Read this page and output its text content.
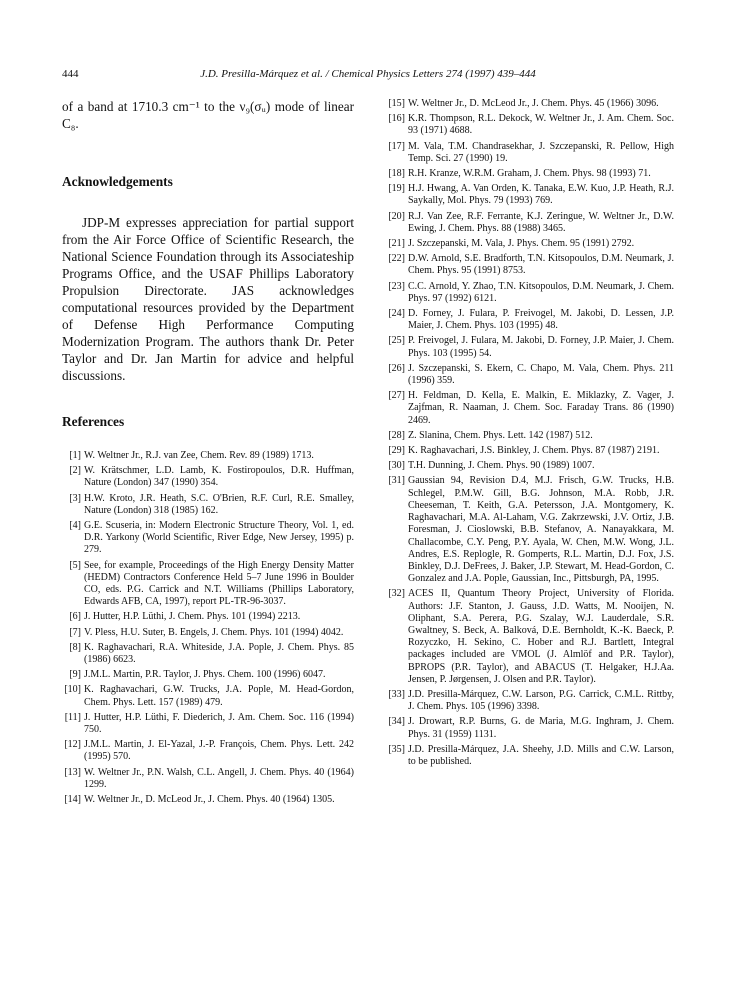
444	J.D. Presilla-Márquez et al. / Chemical Physics Letters 274 (1997) 439–444

of a band at 1710.3 cm⁻¹ to the ν₉(σᵤ) mode of linear C₈.

Acknowledgements

JDP-M expresses appreciation for partial support from the Air Force Office of Scientific Research, the National Science Foundation through its Associateship Programs Office, and the USAF Phillips Laboratory Propulsion Directorate. JAS acknowledges computational resources provided by the Department of Defense High Performance Computing Modernization Program. The authors thank Dr. Peter Taylor and Dr. Jan Martin for advice and helpful discussions.

References
[1] W. Weltner Jr., R.J. van Zee, Chem. Rev. 89 (1989) 1713.
[2] W. Krätschmer, L.D. Lamb, K. Fostiropoulos, D.R. Huffman, Nature (London) 347 (1990) 354.
[3] H.W. Kroto, J.R. Heath, S.C. O'Brien, R.F. Curl, R.E. Smalley, Nature (London) 318 (1985) 162.
[4] G.E. Scuseria, in: Modern Electronic Structure Theory, Vol. 1, ed. D.R. Yarkony (World Scientific, River Edge, New Jersey, 1995) p. 279.
[5] See, for example, Proceedings of the High Energy Density Matter (HEDM) Contractors Conference Held 5–7 June 1996 in Boulder CO, eds. P.G. Carrick and N.T. Williams (Phillips Laboratory, Edwards AFB, CA, 1997), report PL-TR-96-3037.
[6] J. Hutter, H.P. Lüthi, J. Chem. Phys. 101 (1994) 2213.
[7] V. Pless, H.U. Suter, B. Engels, J. Chem. Phys. 101 (1994) 4042.
[8] K. Raghavachari, R.A. Whiteside, J.A. Pople, J. Chem. Phys. 85 (1986) 6623.
[9] J.M.L. Martin, P.R. Taylor, J. Phys. Chem. 100 (1996) 6047.
[10] K. Raghavachari, G.W. Trucks, J.A. Pople, M. Head-Gordon, Chem. Phys. Lett. 157 (1989) 479.
[11] J. Hutter, H.P. Lüthi, F. Diederich, J. Am. Chem. Soc. 116 (1994) 750.
[12] J.M.L. Martin, J. El-Yazal, J.-P. François, Chem. Phys. Lett. 242 (1995) 570.
[13] W. Weltner Jr., P.N. Walsh, C.L. Angell, J. Chem. Phys. 40 (1964) 1299.
[14] W. Weltner Jr., D. McLeod Jr., J. Chem. Phys. 40 (1964) 1305.
[15] W. Weltner Jr., D. McLeod Jr., J. Chem. Phys. 45 (1966) 3096.
[16] K.R. Thompson, R.L. Dekock, W. Weltner Jr., J. Am. Chem. Soc. 93 (1971) 4688.
[17] M. Vala, T.M. Chandrasekhar, J. Szczepanski, R. Pellow, High Temp. Sci. 27 (1990) 19.
[18] R.H. Kranze, W.R.M. Graham, J. Chem. Phys. 98 (1993) 71.
[19] H.J. Hwang, A. Van Orden, K. Tanaka, E.W. Kuo, J.P. Heath, R.J. Saykally, Mol. Phys. 79 (1993) 769.
[20] R.J. Van Zee, R.F. Ferrante, K.J. Zeringue, W. Weltner Jr., D.W. Ewing, J. Chem. Phys. 88 (1988) 3465.
[21] J. Szczepanski, M. Vala, J. Phys. Chem. 95 (1991) 2792.
[22] D.W. Arnold, S.E. Bradforth, T.N. Kitsopoulos, D.M. Neumark, J. Chem. Phys. 95 (1991) 8753.
[23] C.C. Arnold, Y. Zhao, T.N. Kitsopoulos, D.M. Neumark, J. Chem. Phys. 97 (1992) 6121.
[24] D. Forney, J. Fulara, P. Freivogel, M. Jakobi, D. Lessen, J.P. Maier, J. Chem. Phys. 103 (1995) 48.
[25] P. Freivogel, J. Fulara, M. Jakobi, D. Forney, J.P. Maier, J. Chem. Phys. 103 (1995) 54.
[26] J. Szczepanski, S. Ekern, C. Chapo, M. Vala, Chem. Phys. 211 (1996) 359.
[27] H. Feldman, D. Kella, E. Malkin, E. Miklazky, Z. Vager, J. Zajfman, R. Naaman, J. Chem. Soc. Faraday Trans. 86 (1990) 2469.
[28] Z. Slanina, Chem. Phys. Lett. 142 (1987) 512.
[29] K. Raghavachari, J.S. Binkley, J. Chem. Phys. 87 (1987) 2191.
[30] T.H. Dunning, J. Chem. Phys. 90 (1989) 1007.
[31] Gaussian 94, Revision D.4, M.J. Frisch, G.W. Trucks, H.B. Schlegel, P.M.W. Gill, B.G. Johnson, M.A. Robb, J.R. Cheeseman, T. Keith, G.A. Petersson, J.A. Montgomery, K. Raghavachari, M.A. Al-Laham, V.G. Zakrzewski, J.V. Ortiz, J.B. Foresman, J. Cioslowski, B.B. Stefanov, A. Nanayakkara, M. Challacombe, C.Y. Peng, P.Y. Ayala, W. Chen, M.W. Wong, J.L. Andres, E.S. Replogle, R. Gomperts, R.L. Martin, D.J. Fox, J.S. Binkley, D.J. DeFrees, J. Baker, J.P. Stewart, M. Head-Gordon, C. Gonzalez and J.A. Pople, Gaussian, Inc., Pittsburgh, PA, 1995.
[32] ACES II, Quantum Theory Project, University of Florida. Authors: J.F. Stanton, J. Gauss, J.D. Watts, M. Nooijen, N. Oliphant, S.A. Perera, P.G. Szalay, W.J. Lauderdale, S.R. Gwaltney, S. Beck, A. Balková, D.E. Bernholdt, K.-K. Baeck, P. Rozyczko, H. Sekino, C. Hober and R.J. Bartlett, Integral packages included are VMOL (J. Almlöf and P.R. Taylor), BPROPS (P.R. Taylor), and ABACUS (T. Helgaker, H.J.Aa. Jensen, P. Jørgensen, J. Olsen and P.R. Taylor).
[33] J.D. Presilla-Márquez, C.W. Larson, P.G. Carrick, C.M.L. Rittby, J. Chem. Phys. 105 (1996) 3398.
[34] J. Drowart, R.P. Burns, G. de Maria, M.G. Inghram, J. Chem. Phys. 31 (1959) 1131.
[35] J.D. Presilla-Márquez, J.A. Sheehy, J.D. Mills and C.W. Larson, to be published.
